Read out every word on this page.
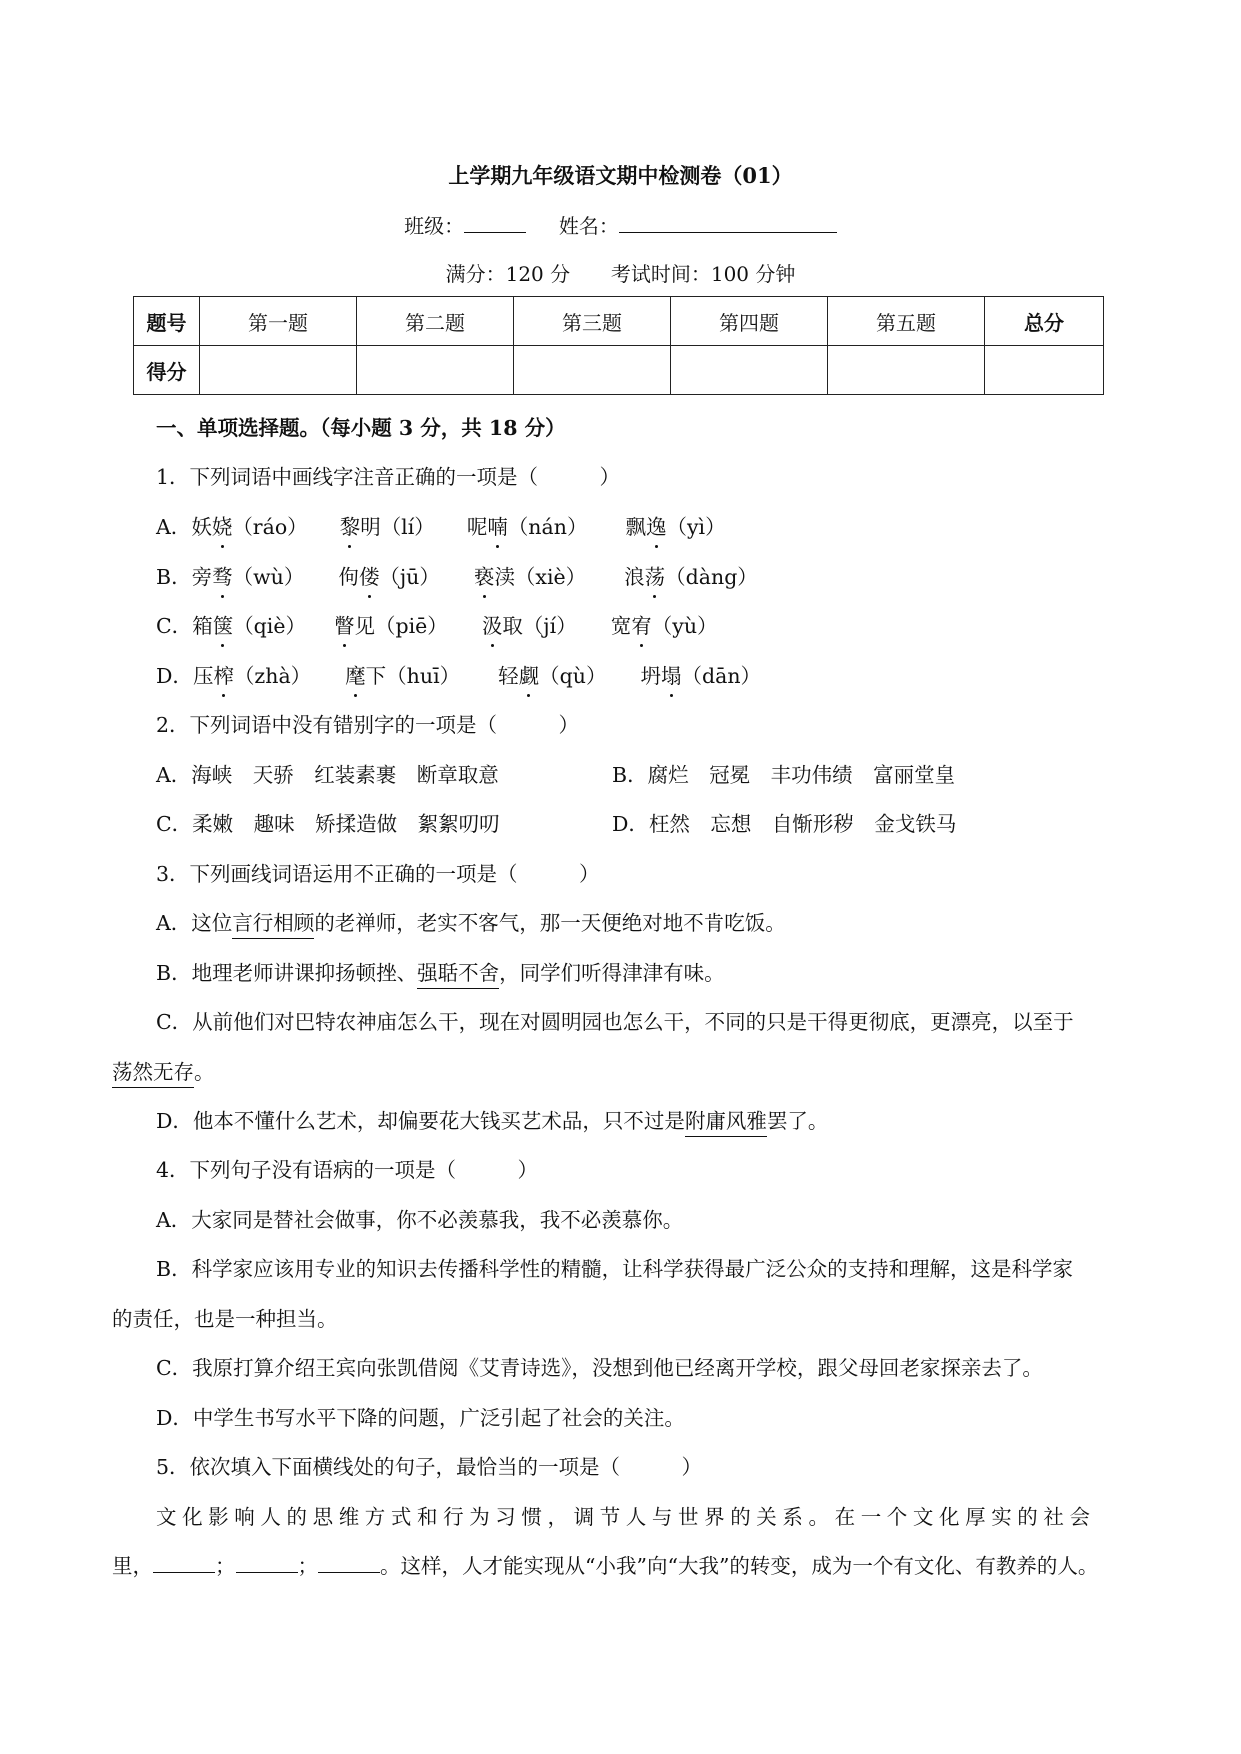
上学期九年级语文期中检测卷（01）
班级：	姓名：
满分：120 分 考试时间：100 分钟
题号	第一题	第二题	第三题	第四题	第五题	总分
得分						
一、单项选择题。（每小题 3 分，共 18 分）
1．下列词语中画线字注音正确的一项是（　　　）
A．妖娆（ráo） 黎明（lí） 呢喃（nán） 飘逸（yì）
B．旁骛（wù） 佝偻（jū） 亵渎（xiè） 浪荡（dàng）
C．箱箧（qiè） 瞥见（piē） 汲取（jí） 宽宥（yù）
D．压榨（zhà） 麾下（huī） 轻觑（qù） 坍塌（dān）
2．下列词语中没有错别字的一项是（　　　）
A．海峡　天骄　红装素裹　断章取意	B．腐烂　冠冕　丰功伟绩　富丽堂皇
C．柔嫩　趣味　矫揉造做　絮絮叨叨	D．枉然　忘想　自惭形秽　金戈铁马
3．下列画线词语运用不正确的一项是（　　　）
A．这位言行相顾的老禅师，老实不客气，那一天便绝对地不肯吃饭。
B．地理老师讲课抑扬顿挫、强聒不舍，同学们听得津津有味。
C．从前他们对巴特农神庙怎么干，现在对圆明园也怎么干，不同的只是干得更彻底，更漂亮，以至于
荡然无存。
D．他本不懂什么艺术，却偏要花大钱买艺术品，只不过是附庸风雅罢了。
4．下列句子没有语病的一项是（　　　）
A．大家同是替社会做事，你不必羡慕我，我不必羡慕你。
B．科学家应该用专业的知识去传播科学性的精髓，让科学获得最广泛公众的支持和理解，这是科学家
的责任，也是一种担当。
C．我原打算介绍王宾向张凯借阅《艾青诗选》，没想到他已经离开学校，跟父母回老家探亲去了。
D．中学生书写水平下降的问题，广泛引起了社会的关注。
5．依次填入下面横线处的句子，最恰当的一项是（　　　）
文化影响人的思维方式和行为习惯，调节人与世界的关系。在一个文化厚实的社会
里，	；	；	。这样，人才能实现从“小我”向“大我”的转变，成为一个有文化、有教养的人。
